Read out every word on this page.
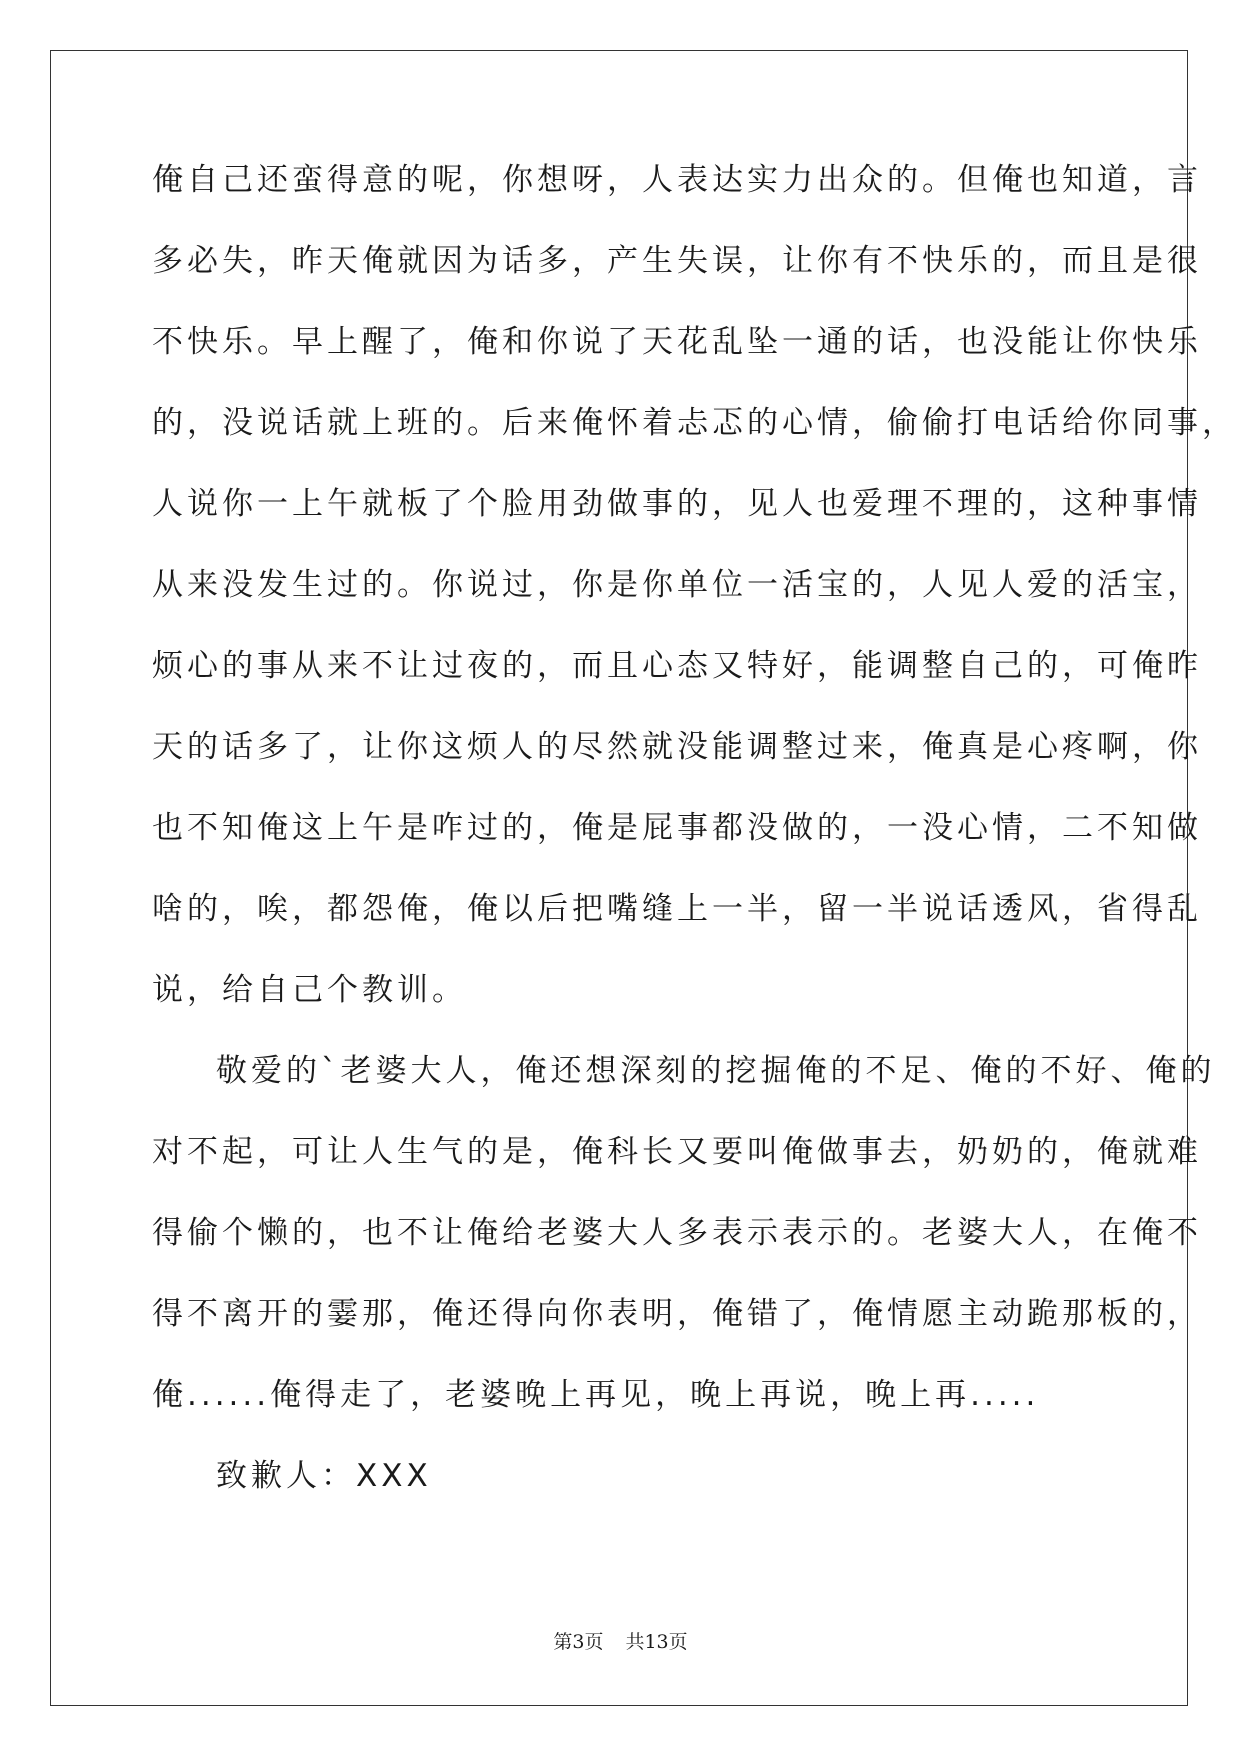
俺自己还蛮得意的呢，你想呀，人表达实力出众的。但俺也知道，言
多必失，昨天俺就因为话多，产生失误，让你有不快乐的，而且是很
不快乐。早上醒了，俺和你说了天花乱坠一通的话，也没能让你快乐
的，没说话就上班的。后来俺怀着忐忑的心情，偷偷打电话给你同事，
人说你一上午就板了个脸用劲做事的，见人也爱理不理的，这种事情
从来没发生过的。你说过，你是你单位一活宝的，人见人爱的活宝，
烦心的事从来不让过夜的，而且心态又特好，能调整自己的，可俺昨
天的话多了，让你这烦人的尽然就没能调整过来，俺真是心疼啊，你
也不知俺这上午是咋过的，俺是屁事都没做的，一没心情，二不知做
啥的，唉，都怨俺，俺以后把嘴缝上一半，留一半说话透风，省得乱
说，给自己个教训。
敬爱的`老婆大人，俺还想深刻的挖掘俺的不足、俺的不好、俺的
对不起，可让人生气的是，俺科长又要叫俺做事去，奶奶的，俺就难
得偷个懒的，也不让俺给老婆大人多表示表示的。老婆大人，在俺不
得不离开的霎那，俺还得向你表明，俺错了，俺情愿主动跪那板的，
俺......俺得走了，老婆晚上再见，晚上再说，晚上再.....
致歉人：XXX
第3页 共13页
